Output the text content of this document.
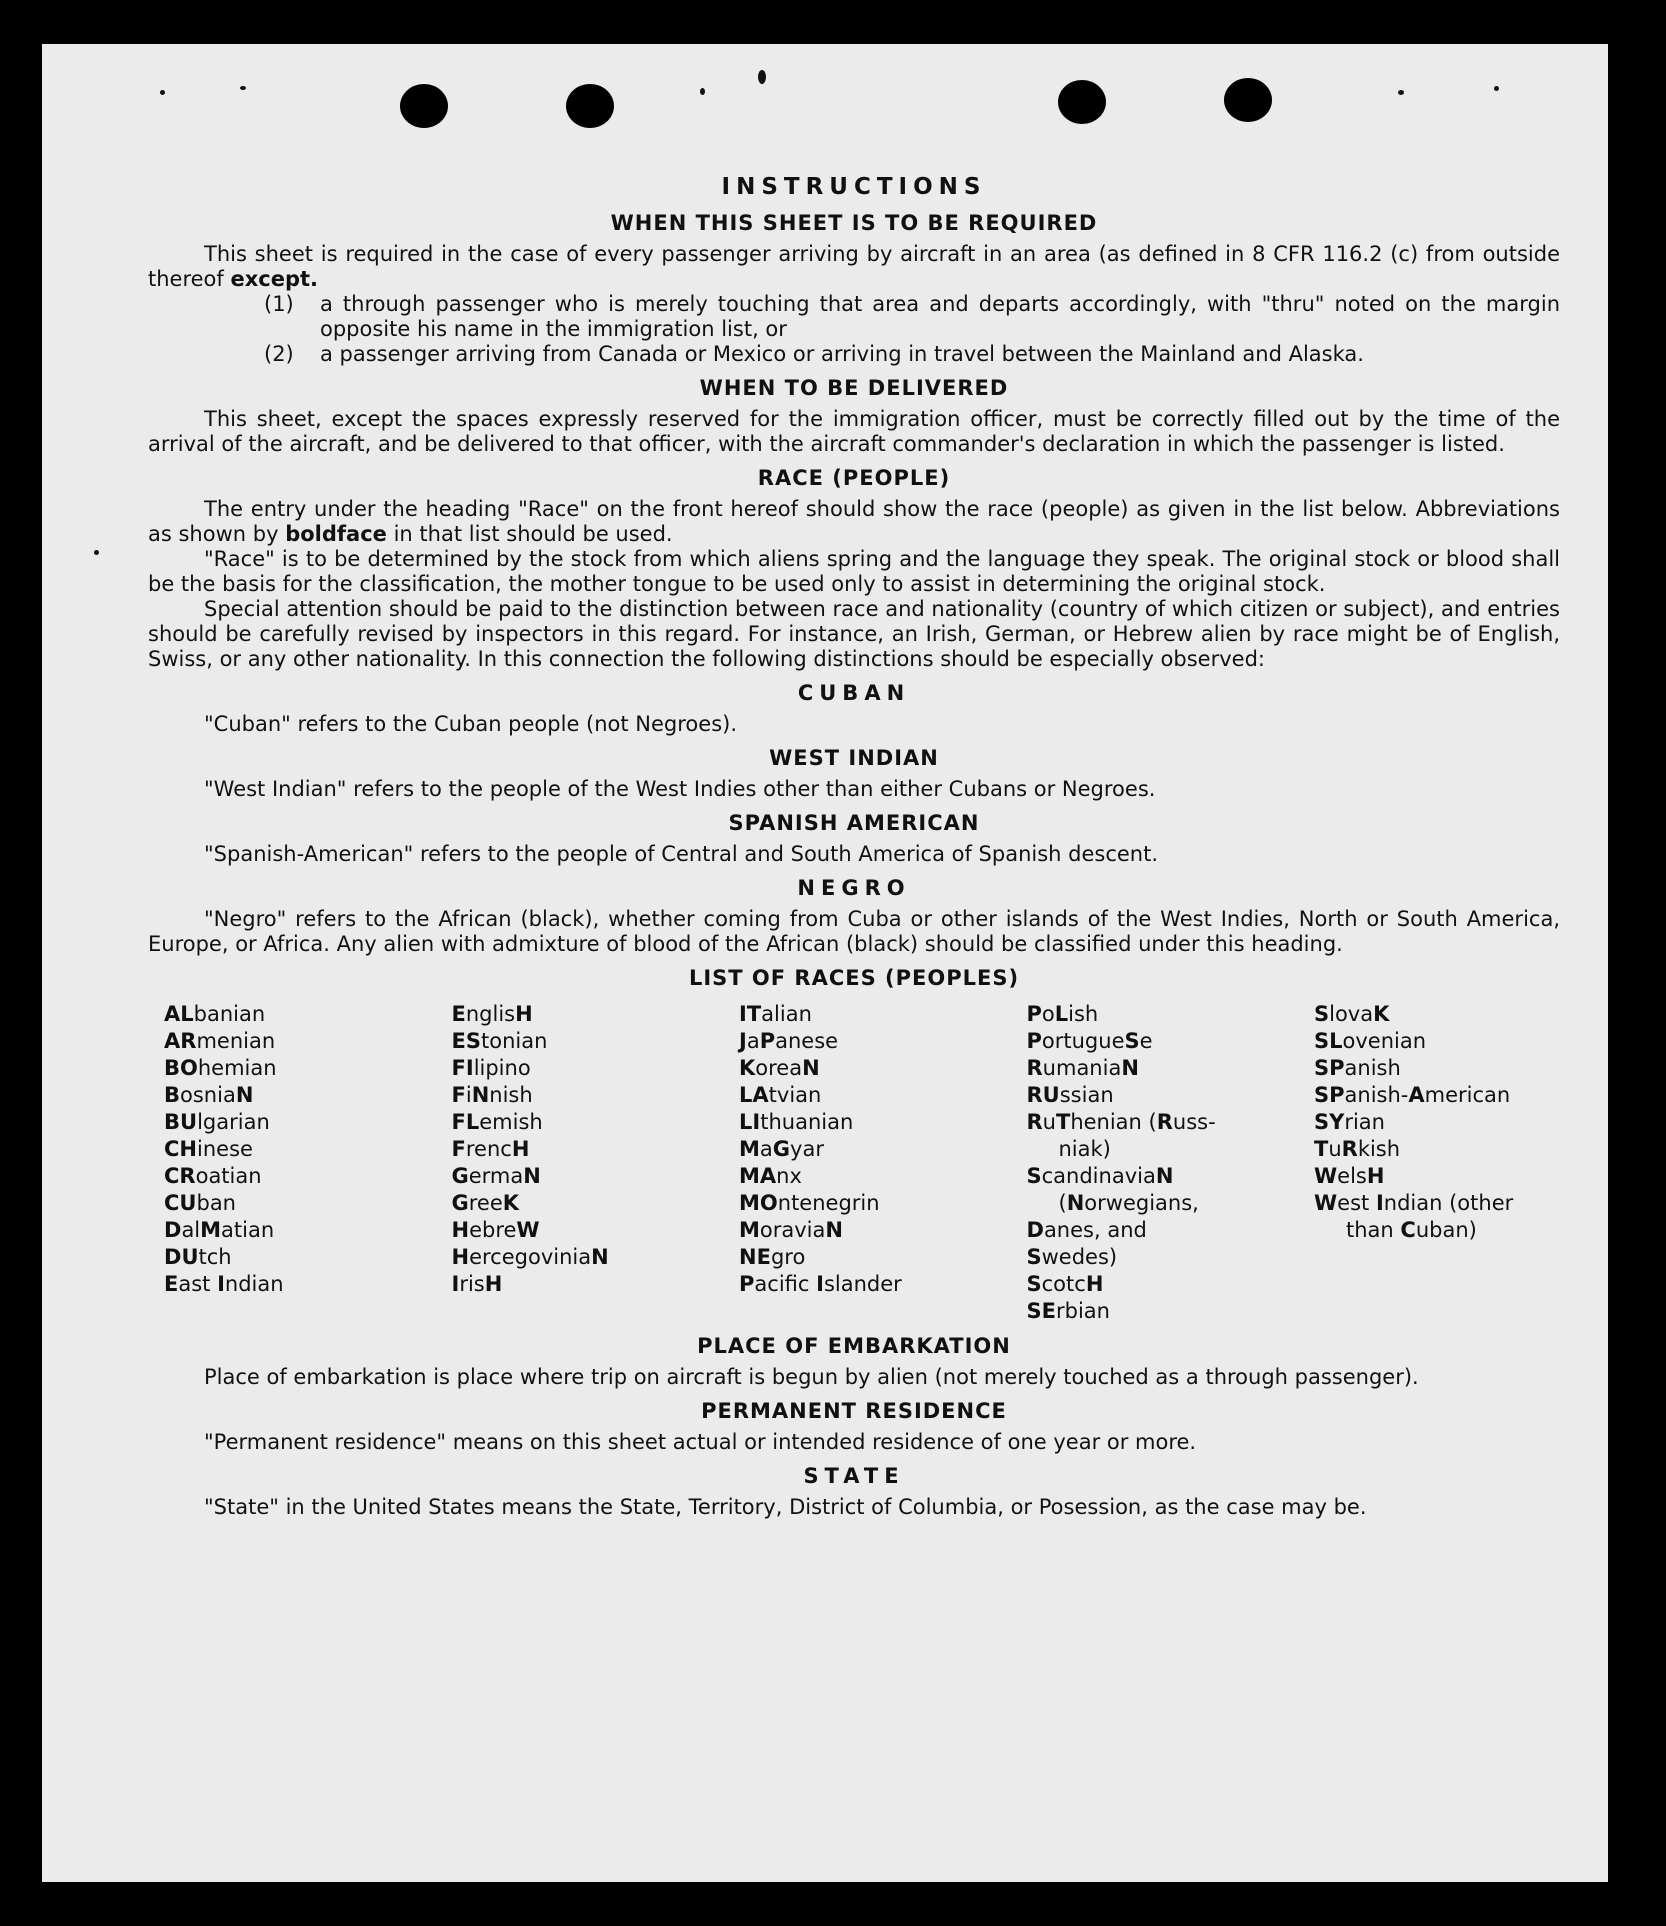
INSTRUCTIONS
WHEN THIS SHEET IS TO BE REQUIRED

This sheet is required in the case of every passenger arriving by aircraft in an area (as defined in 8 CFR 116.2 (c) from outside thereof except.

(1)	a through passenger who is merely touching that area and departs accordingly, with "thru" noted on the margin opposite his name in the immigration list, or
(2)	a passenger arriving from Canada or Mexico or arriving in travel between the Mainland and Alaska.
WHEN TO BE DELIVERED

This sheet, except the spaces expressly reserved for the immigration officer, must be correctly filled out by the time of the arrival of the aircraft, and be delivered to that officer, with the aircraft commander's declaration in which the passenger is listed.

RACE (PEOPLE)

The entry under the heading "Race" on the front hereof should show the race (people) as given in the list below. Abbreviations as shown by boldface in that list should be used.

"Race" is to be determined by the stock from which aliens spring and the language they speak. The original stock or blood shall be the basis for the classification, the mother tongue to be used only to assist in determining the original stock.

Special attention should be paid to the distinction between race and nationality (country of which citizen or subject), and entries should be carefully revised by inspectors in this regard. For instance, an Irish, German, or Hebrew alien by race might be of English, Swiss, or any other nationality. In this connection the following distinctions should be especially observed:

CUBAN

"Cuban" refers to the Cuban people (not Negroes).

WEST INDIAN

"West Indian" refers to the people of the West Indies other than either Cubans or Negroes.

SPANISH AMERICAN

"Spanish-American" refers to the people of Central and South America of Spanish descent.

NEGRO

"Negro" refers to the African (black), whether coming from Cuba or other islands of the West Indies, North or South America, Europe, or Africa. Any alien with admixture of blood of the African (black) should be classified under this heading.

LIST OF RACES (PEOPLES)
ALbanian
ARmenian
BOhemian
BosniaN
BUlgarian
CHinese
CRoatian
CUban
DalMatian
DUtch
East Indian
EnglisH
EStonian
FIlipino
FiNnish
FLemish
FrencH
GermaN
GreeK
HebreW
HercegoviniaN
IrisH
ITalian
JaPanese
KoreaN
LAtvian
LIthuanian
MaGyar
MAnx
MOntenegrin
MoraviaN
NEgro
Pacific Islander
PoLish
PortugueSe
RumaniaN
RUssian
RuThenian (Russ-
niak)
ScandinaviaN
(Norwegians,
Danes, and
Swedes)
ScotcH
SErbian
SlovaK
SLovenian
SPanish
SPanish-American
SYrian
TuRkish
WelsH
West Indian (other
than Cuban)
PLACE OF EMBARKATION

Place of embarkation is place where trip on aircraft is begun by alien (not merely touched as a through passenger).

PERMANENT RESIDENCE

"Permanent residence" means on this sheet actual or intended residence of one year or more.

STATE

"State" in the United States means the State, Territory, District of Columbia, or Posession, as the case may be.
